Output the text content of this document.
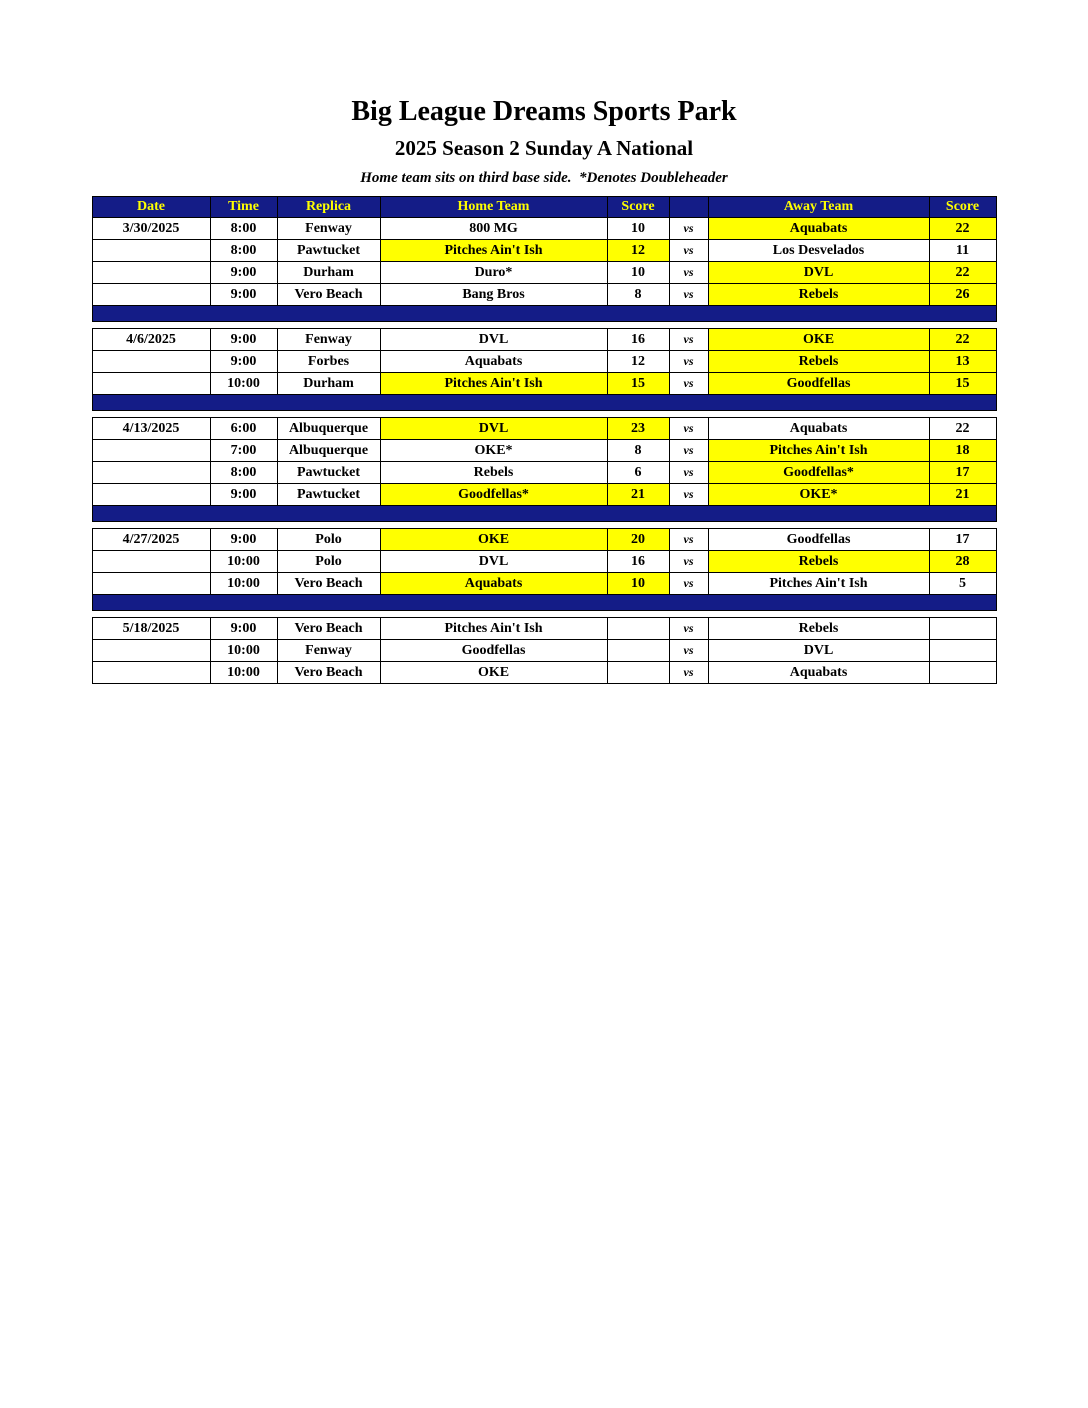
Big League Dreams Sports Park
2025 Season 2 Sunday A National
Home team sits on third base side.  *Denotes Doubleheader
Date	Time	Replica	Home Team	Score		Away Team	Score
3/30/2025	8:00	Fenway	800 MG	10	vs	Aquabats	22
	8:00	Pawtucket	Pitches Ain't Ish	12	vs	Los Desvelados	11
	9:00	Durham	Duro*	10	vs	DVL	22
	9:00	Vero Beach	Bang Bros	8	vs	Rebels	26

4/6/2025	9:00	Fenway	DVL	16	vs	OKE	22
	9:00	Forbes	Aquabats	12	vs	Rebels	13
	10:00	Durham	Pitches Ain't Ish	15	vs	Goodfellas	15

4/13/2025	6:00	Albuquerque	DVL	23	vs	Aquabats	22
	7:00	Albuquerque	OKE*	8	vs	Pitches Ain't Ish	18
	8:00	Pawtucket	Rebels	6	vs	Goodfellas*	17
	9:00	Pawtucket	Goodfellas*	21	vs	OKE*	21

4/27/2025	9:00	Polo	OKE	20	vs	Goodfellas	17
	10:00	Polo	DVL	16	vs	Rebels	28
	10:00	Vero Beach	Aquabats	10	vs	Pitches Ain't Ish	5

5/18/2025	9:00	Vero Beach	Pitches Ain't Ish		vs	Rebels	
	10:00	Fenway	Goodfellas		vs	DVL	
	10:00	Vero Beach	OKE		vs	Aquabats	
